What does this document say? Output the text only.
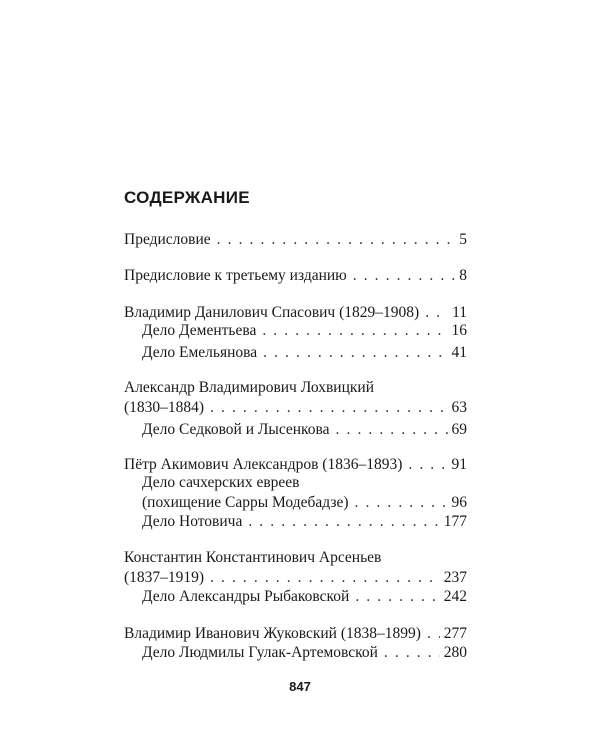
СОДЕРЖАНИЕ
Предисловие . . .	5
Предисловие к третьему изданию . . .	8
Владимир Данилович Спасович (1829–1908) . . . 11
Дело Дементьева . . .	16
Дело Емельянова . . .	41
Александр Владимирович Лохвицкий
(1830–1884) . . .	63
Дело Седковой и Лысенкова . . .	69
Пётр Акимович Александров (1836–1893) . . .	91
Дело сачхерских евреев
(похищение Сарры Модебадзе) . . .	96
Дело Нотовича . . .	177
Константин Константинович Арсеньев
(1837–1919) . . .	237
Дело Александры Рыбаковской . . .	242
Владимир Иванович Жуковский (1838–1899) . . . 277
Дело Людмилы Гулак-Артемовской . . .	280
847
